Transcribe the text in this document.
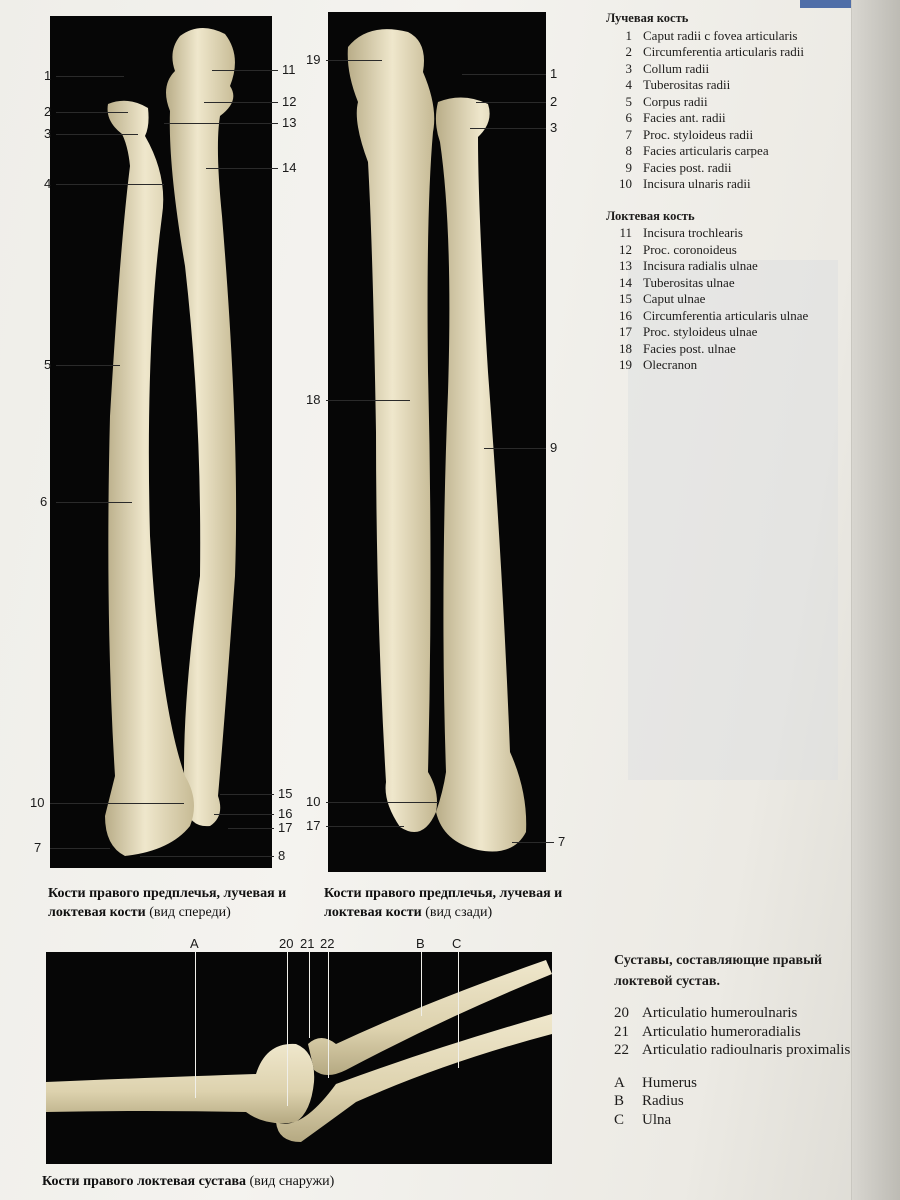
1
2
3
4
5
6
10
7
11
12
13
14
15
16
17
8
Кости правого предплечья, лучевая и локтевая кости (вид спереди)
19
18
10
17
1
2
3
9
7
Кости правого предплечья, лучевая и локтевая кости (вид сзади)
Лучевая кость
1 Caput radii c fovea articularis
2 Circumferentia articularis radii
3 Collum radii
4 Tuberositas radii
5 Corpus radii
6 Facies ant. radii
7 Proc. styloideus radii
8 Facies articularis carpea
9 Facies post. radii
10 Incisura ulnaris radii
Локтевая кость
11 Incisura trochlearis
12 Proc. coronoideus
13 Incisura radialis ulnae
14 Tuberositas ulnae
15 Caput ulnae
16 Circumferentia articularis ulnae
17 Proc. styloideus ulnae
18 Facies post. ulnae
19 Olecranon
A	20 21 22	B C
Кости правого локтевая сустава (вид снаружи)
Суставы, составляющие правый локтевой сустав.
20 Articulatio humeroulnaris
21 Articulatio humeroradialis
22 Articulatio radioulnaris proximalis
A	Humerus
B	Radius
C	Ulna
